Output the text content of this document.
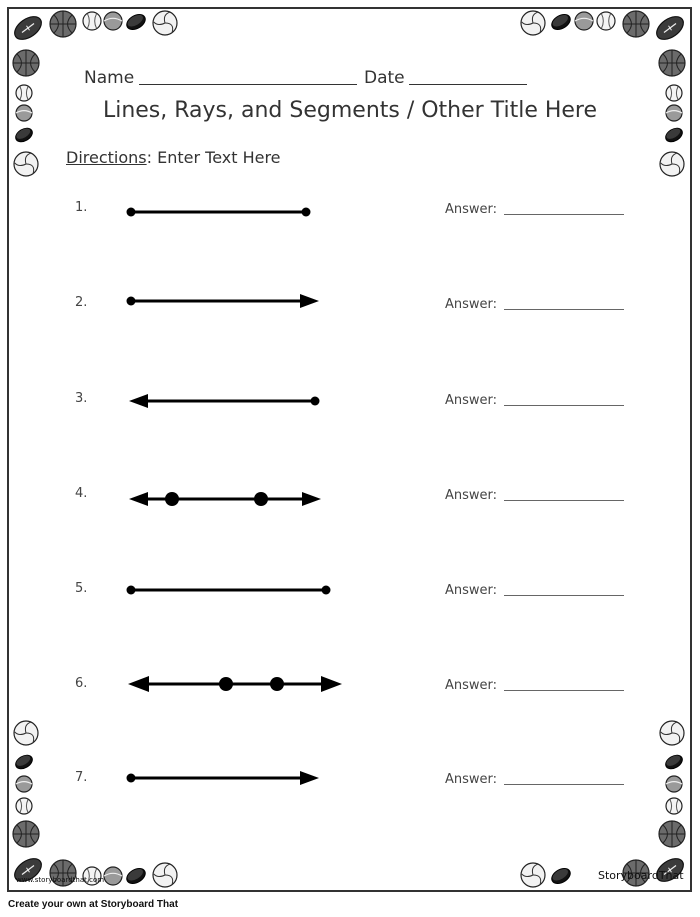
Name	Date
Lines, Rays, and Segments / Other Title Here
Directions: Enter Text Here
1.	Answer:
2.	Answer:
3.	Answer:
4.	Answer:
5.	Answer:
6.	Answer:
7.	Answer:
www.storyboardthat.com	StoryboardThat
Create your own at Storyboard That
